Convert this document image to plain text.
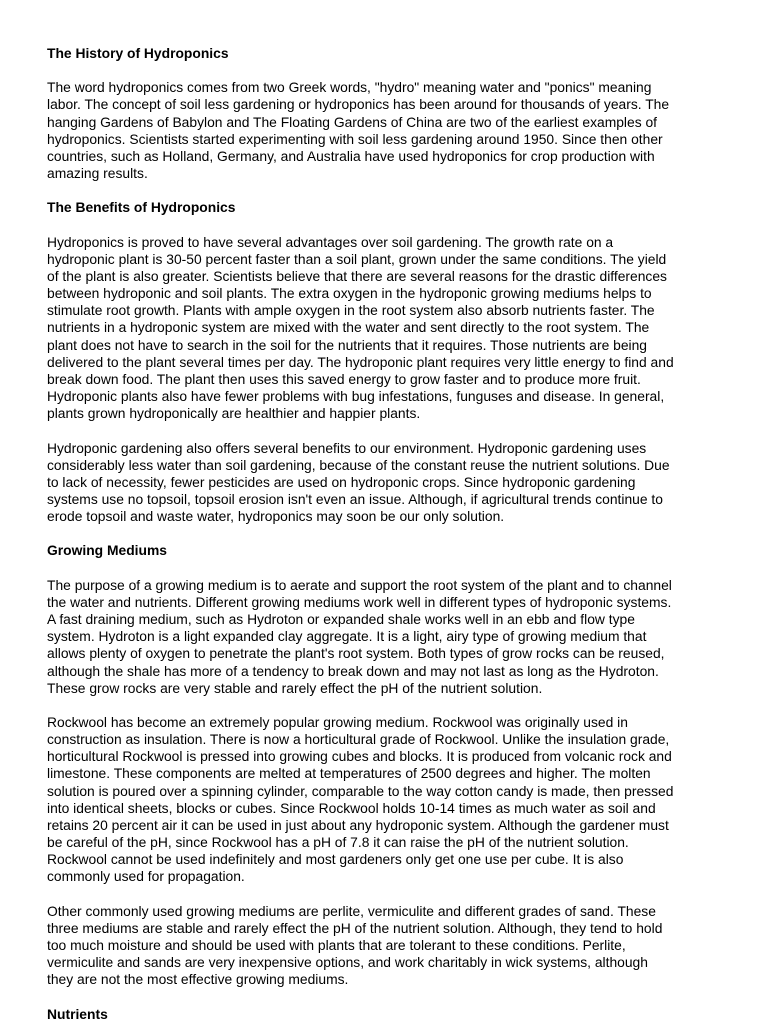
The History of Hydroponics

The word hydroponics comes from two Greek words, "hydro" meaning water and "ponics" meaning
labor. The concept of soil less gardening or hydroponics has been around for thousands of years. The
hanging Gardens of Babylon and The Floating Gardens of China are two of the earliest examples of
hydroponics. Scientists started experimenting with soil less gardening around 1950. Since then other
countries, such as Holland, Germany, and Australia have used hydroponics for crop production with
amazing results.

The Benefits of Hydroponics

Hydroponics is proved to have several advantages over soil gardening. The growth rate on a
hydroponic plant is 30-50 percent faster than a soil plant, grown under the same conditions. The yield
of the plant is also greater. Scientists believe that there are several reasons for the drastic differences
between hydroponic and soil plants. The extra oxygen in the hydroponic growing mediums helps to
stimulate root growth. Plants with ample oxygen in the root system also absorb nutrients faster. The
nutrients in a hydroponic system are mixed with the water and sent directly to the root system. The
plant does not have to search in the soil for the nutrients that it requires. Those nutrients are being
delivered to the plant several times per day. The hydroponic plant requires very little energy to find and
break down food. The plant then uses this saved energy to grow faster and to produce more fruit.
Hydroponic plants also have fewer problems with bug infestations, funguses and disease. In general,
plants grown hydroponically are healthier and happier plants.

Hydroponic gardening also offers several benefits to our environment. Hydroponic gardening uses
considerably less water than soil gardening, because of the constant reuse the nutrient solutions. Due
to lack of necessity, fewer pesticides are used on hydroponic crops. Since hydroponic gardening
systems use no topsoil, topsoil erosion isn't even an issue. Although, if agricultural trends continue to
erode topsoil and waste water, hydroponics may soon be our only solution.

Growing Mediums

The purpose of a growing medium is to aerate and support the root system of the plant and to channel
the water and nutrients. Different growing mediums work well in different types of hydroponic systems.
A fast draining medium, such as Hydroton or expanded shale works well in an ebb and flow type
system. Hydroton is a light expanded clay aggregate. It is a light, airy type of growing medium that
allows plenty of oxygen to penetrate the plant's root system. Both types of grow rocks can be reused,
although the shale has more of a tendency to break down and may not last as long as the Hydroton.
These grow rocks are very stable and rarely effect the pH of the nutrient solution.

Rockwool has become an extremely popular growing medium. Rockwool was originally used in
construction as insulation. There is now a horticultural grade of Rockwool. Unlike the insulation grade,
horticultural Rockwool is pressed into growing cubes and blocks. It is produced from volcanic rock and
limestone. These components are melted at temperatures of 2500 degrees and higher. The molten
solution is poured over a spinning cylinder, comparable to the way cotton candy is made, then pressed
into identical sheets, blocks or cubes. Since Rockwool holds 10-14 times as much water as soil and
retains 20 percent air it can be used in just about any hydroponic system. Although the gardener must
be careful of the pH, since Rockwool has a pH of 7.8 it can raise the pH of the nutrient solution.
Rockwool cannot be used indefinitely and most gardeners only get one use per cube. It is also
commonly used for propagation.

Other commonly used growing mediums are perlite, vermiculite and different grades of sand. These
three mediums are stable and rarely effect the pH of the nutrient solution. Although, they tend to hold
too much moisture and should be used with plants that are tolerant to these conditions. Perlite,
vermiculite and sands are very inexpensive options, and work charitably in wick systems, although
they are not the most effective growing mediums.

Nutrients
